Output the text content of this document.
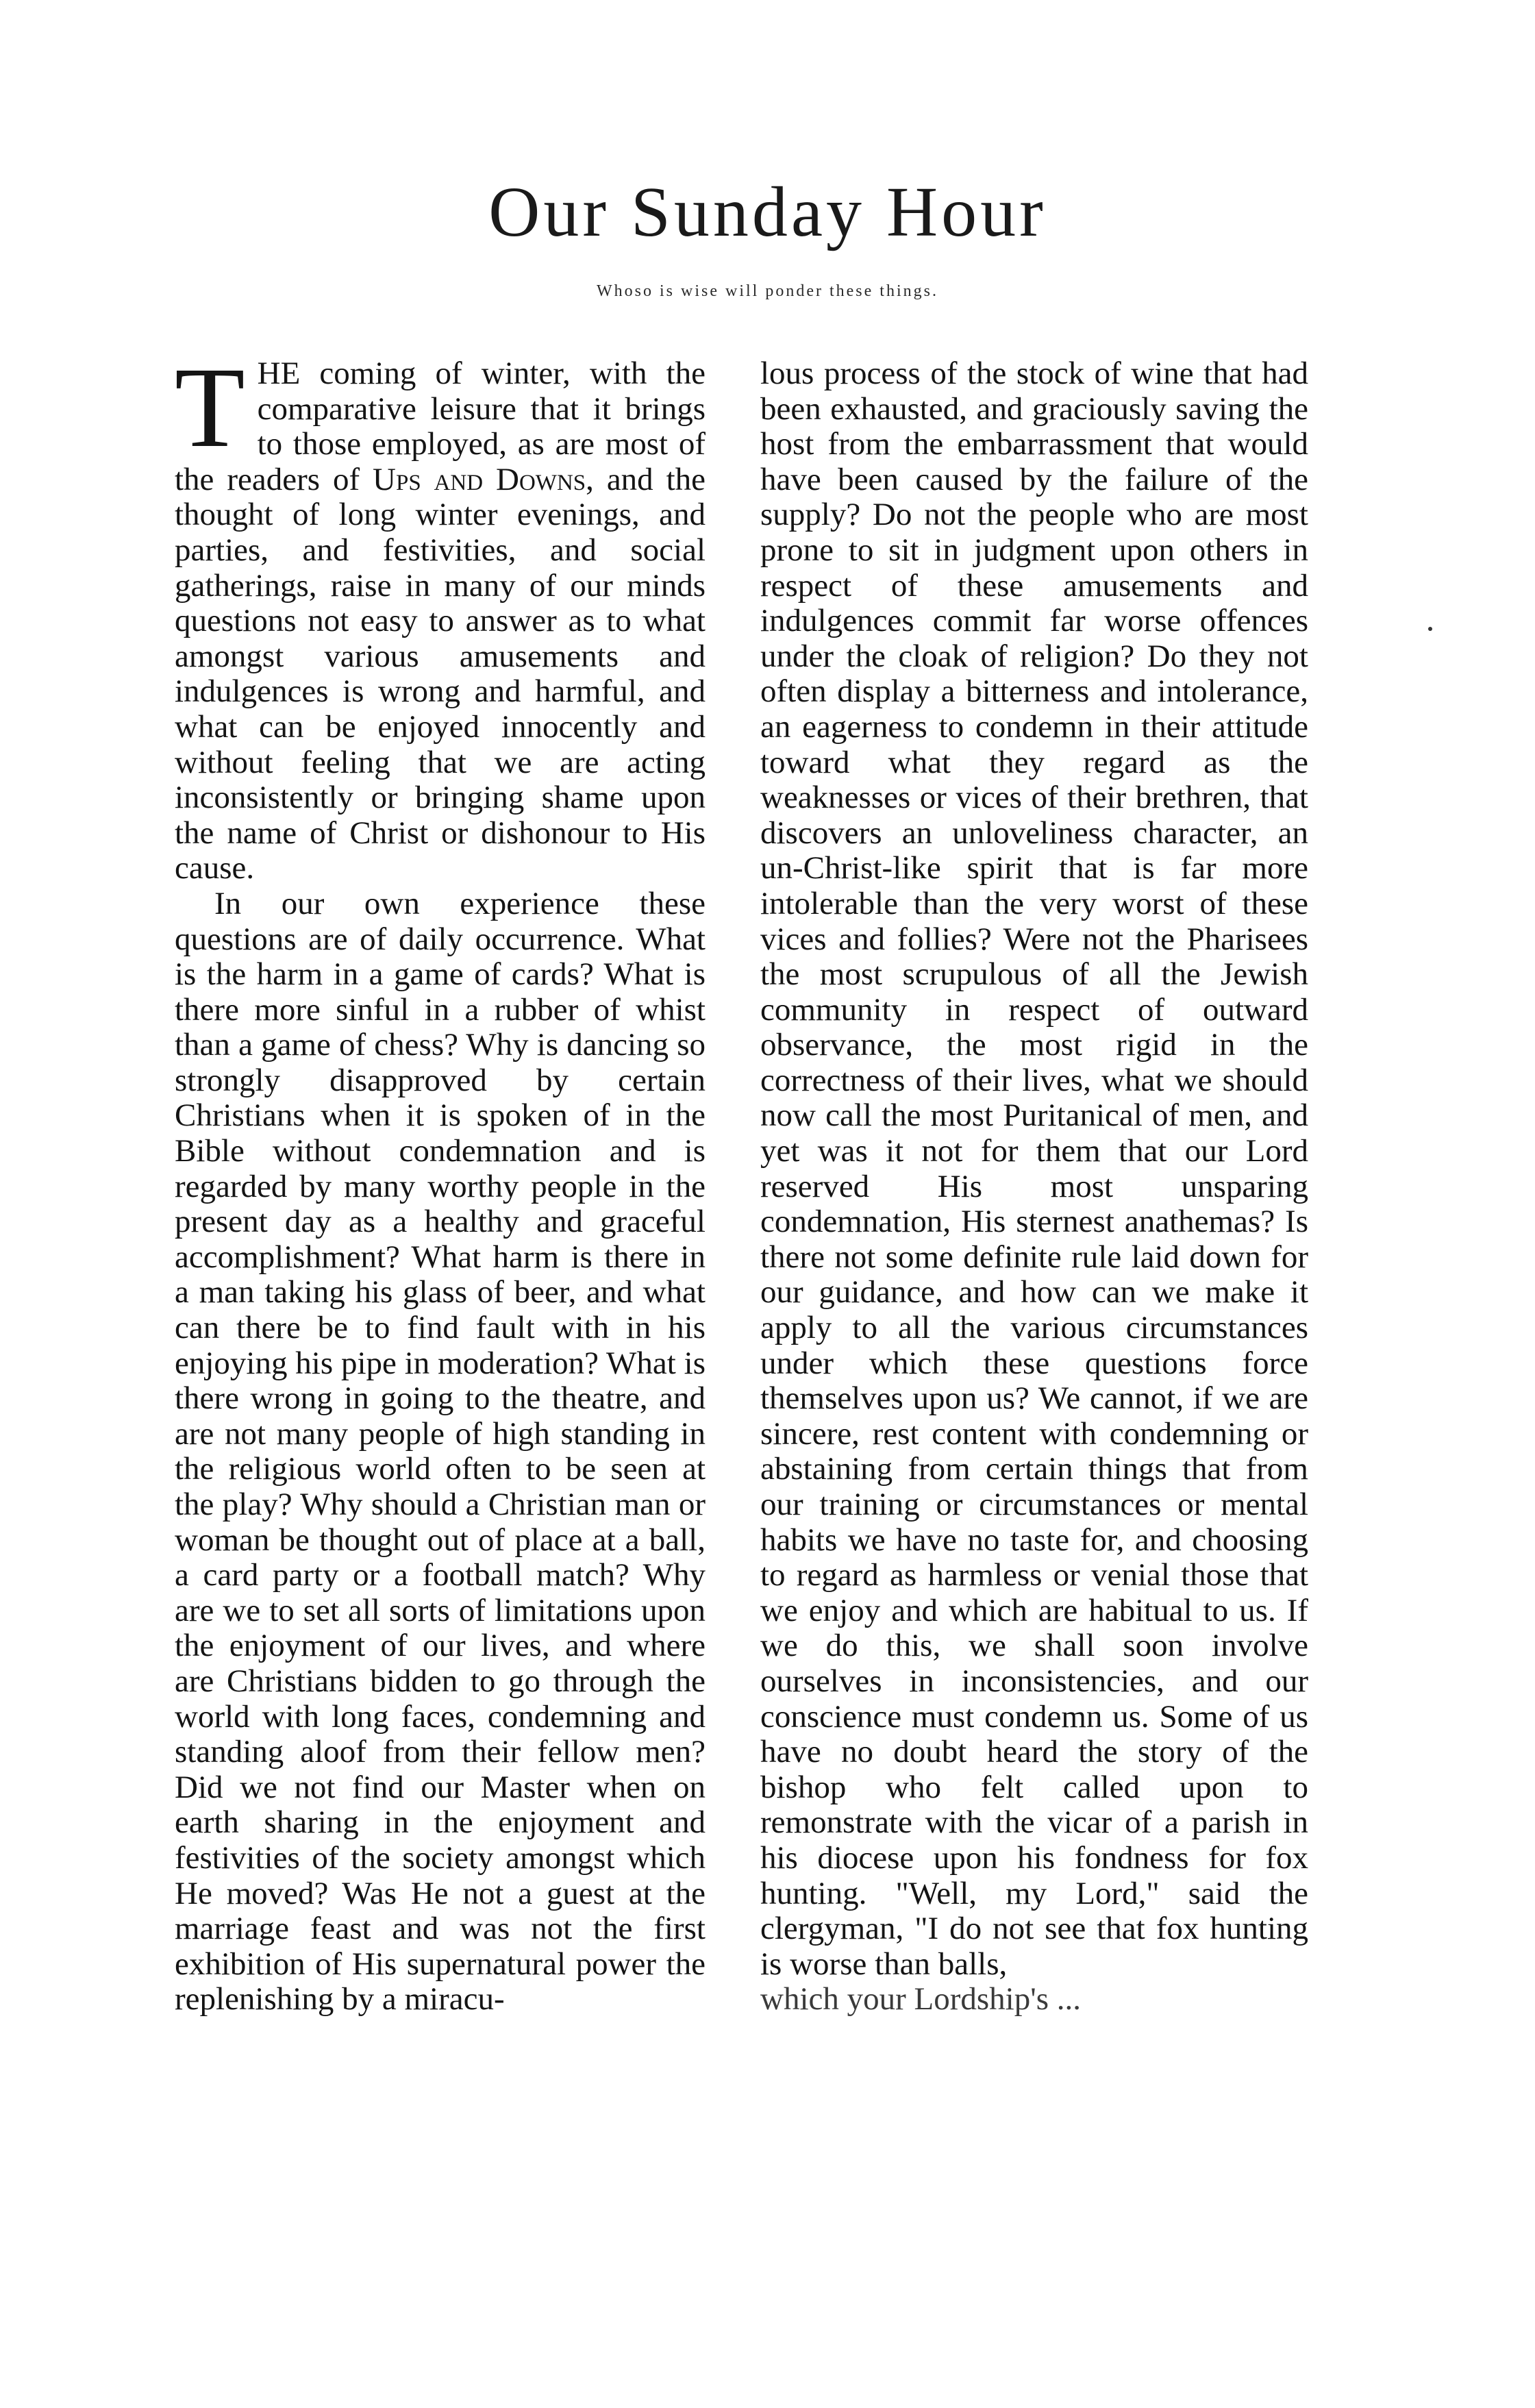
Our Sunday Hour
Whoso is wise will ponder these things.

THE coming of winter, with the comparative leisure that it brings to those employed, as are most of the readers of Ups and Downs, and the thought of long winter evenings, and parties, and festivities, and social gatherings, raise in many of our minds questions not easy to answer as to what amongst various amusements and indulgences is wrong and harmful, and what can be enjoyed innocently and without feeling that we are acting inconsistently or bringing shame upon the name of Christ or dishonour to His cause.

In our own experience these questions are of daily occurrence. What is the harm in a game of cards? What is there more sinful in a rubber of whist than a game of chess? Why is dancing so strongly disapproved by certain Christians when it is spoken of in the Bible without condemnation and is regarded by many worthy people in the present day as a healthy and graceful accomplishment? What harm is there in a man taking his glass of beer, and what can there be to find fault with in his enjoying his pipe in moderation? What is there wrong in going to the theatre, and are not many people of high standing in the religious world often to be seen at the play? Why should a Christian man or woman be thought out of place at a ball, a card party or a football match? Why are we to set all sorts of limitations upon the enjoyment of our lives, and where are Christians bidden to go through the world with long faces, condemning and standing aloof from their fellow men? Did we not find our Master when on earth sharing in the enjoyment and festivities of the society amongst which He moved? Was He not a guest at the marriage feast and was not the first exhibition of His supernatural power the replenishing by a miracu-

lous process of the stock of wine that had been exhausted, and graciously saving the host from the embarrassment that would have been caused by the failure of the supply? Do not the people who are most prone to sit in judgment upon others in respect of these amusements and indulgences commit far worse offences under the cloak of religion? Do they not often display a bitterness and intolerance, an eagerness to condemn in their attitude toward what they regard as the weaknesses or vices of their brethren, that discovers an unloveliness character, an un-Christ-like spirit that is far more intolerable than the very worst of these vices and follies? Were not the Pharisees the most scrupulous of all the Jewish community in respect of outward observance, the most rigid in the correctness of their lives, what we should now call the most Puritanical of men, and yet was it not for them that our Lord reserved His most unsparing condemnation, His sternest anathemas? Is there not some definite rule laid down for our guidance, and how can we make it apply to all the various circumstances under which these questions force themselves upon us? We cannot, if we are sincere, rest content with condemning or abstaining from certain things that from our training or circumstances or mental habits we have no taste for, and choosing to regard as harmless or venial those that we enjoy and which are habitual to us. If we do this, we shall soon involve ourselves in inconsistencies, and our conscience must condemn us. Some of us have no doubt heard the story of the bishop who felt called upon to remonstrate with the vicar of a parish in his diocese upon his fondness for fox hunting. "Well, my Lord," said the clergyman, "I do not see that fox hunting is worse than balls,

which your Lordship's ...
